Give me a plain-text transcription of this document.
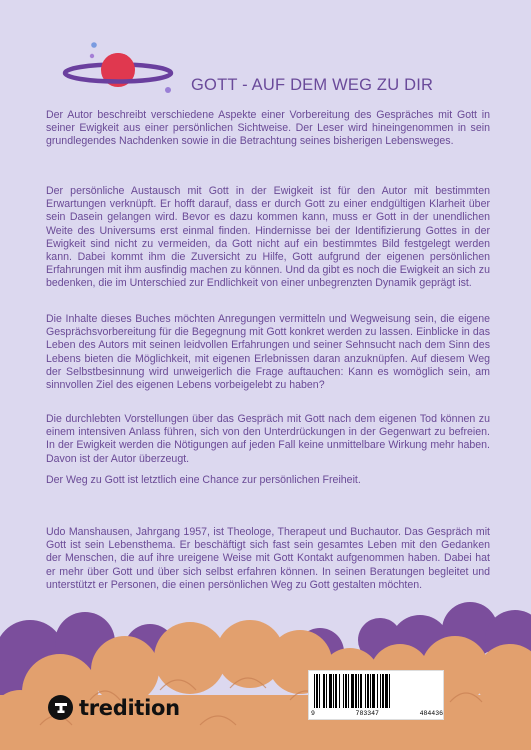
GOTT - AUF DEM WEG ZU DIR

Der Autor beschreibt verschiedene Aspekte einer Vorbereitung des Gespräches mit Gott in seiner Ewigkeit aus einer persönlichen Sichtweise. Der Leser wird hineingenommen in sein grundlegendes Nachdenken sowie in die Betrachtung seines bisherigen Lebensweges.

Der persönliche Austausch mit Gott in der Ewigkeit ist für den Autor mit bestimmten Erwartungen verknüpft. Er hofft darauf, dass er durch Gott zu einer endgültigen Klarheit über sein Dasein gelangen wird. Bevor es dazu kommen kann, muss er Gott in der unendlichen Weite des Universums erst einmal finden. Hindernisse bei der Identifizierung Gottes in der Ewigkeit sind nicht zu vermeiden, da Gott nicht auf ein bestimmtes Bild festgelegt werden kann. Dabei kommt ihm die Zuversicht zu Hilfe, Gott aufgrund der eigenen persönlichen Erfahrungen mit ihm ausfindig machen zu können. Und da gibt es noch die Ewigkeit an sich zu bedenken, die im Unterschied zur Endlichkeit von einer unbegrenzten Dynamik geprägt ist.

Die Inhalte dieses Buches möchten Anregungen vermitteln und Wegweisung sein, die eigene Gesprächsvorbereitung für die Begegnung mit Gott konkret werden zu lassen. Einblicke in das Leben des Autors mit seinen leidvollen Erfahrungen und seiner Sehnsucht nach dem Sinn des Lebens bieten die Möglichkeit, mit eigenen Erlebnissen daran anzuknüpfen. Auf diesem Weg der Selbstbesinnung wird unweigerlich die Frage auftauchen: Kann es womöglich sein, am sinnvollen Ziel des eigenen Lebens vorbeigelebt zu haben?

Die durchlebten Vorstellungen über das Gespräch mit Gott nach dem eigenen Tod können zu einem intensiven Anlass führen, sich von den Unterdrückungen in der Gegenwart zu befreien. In der Ewigkeit werden die Nötigungen auf jeden Fall keine unmittelbare Wirkung mehr haben. Davon ist der Autor überzeugt.

Der Weg zu Gott ist letztlich eine Chance zur persönlichen Freiheit.

Udo Manshausen, Jahrgang 1957, ist Theologe, Therapeut und Buchautor. Das Gespräch mit Gott ist sein Lebensthema. Er beschäftigt sich fast sein gesamtes Leben mit den Gedanken der Menschen, die auf ihre ureigene Weise mit Gott Kontakt aufgenommen haben. Dabei hat er mehr über Gott und über sich selbst erfahren können. In seinen Beratungen begleitet und unterstützt er Personen, die einen persönlichen Weg zu Gott gestalten möchten.

9	783347	484436
tredition
